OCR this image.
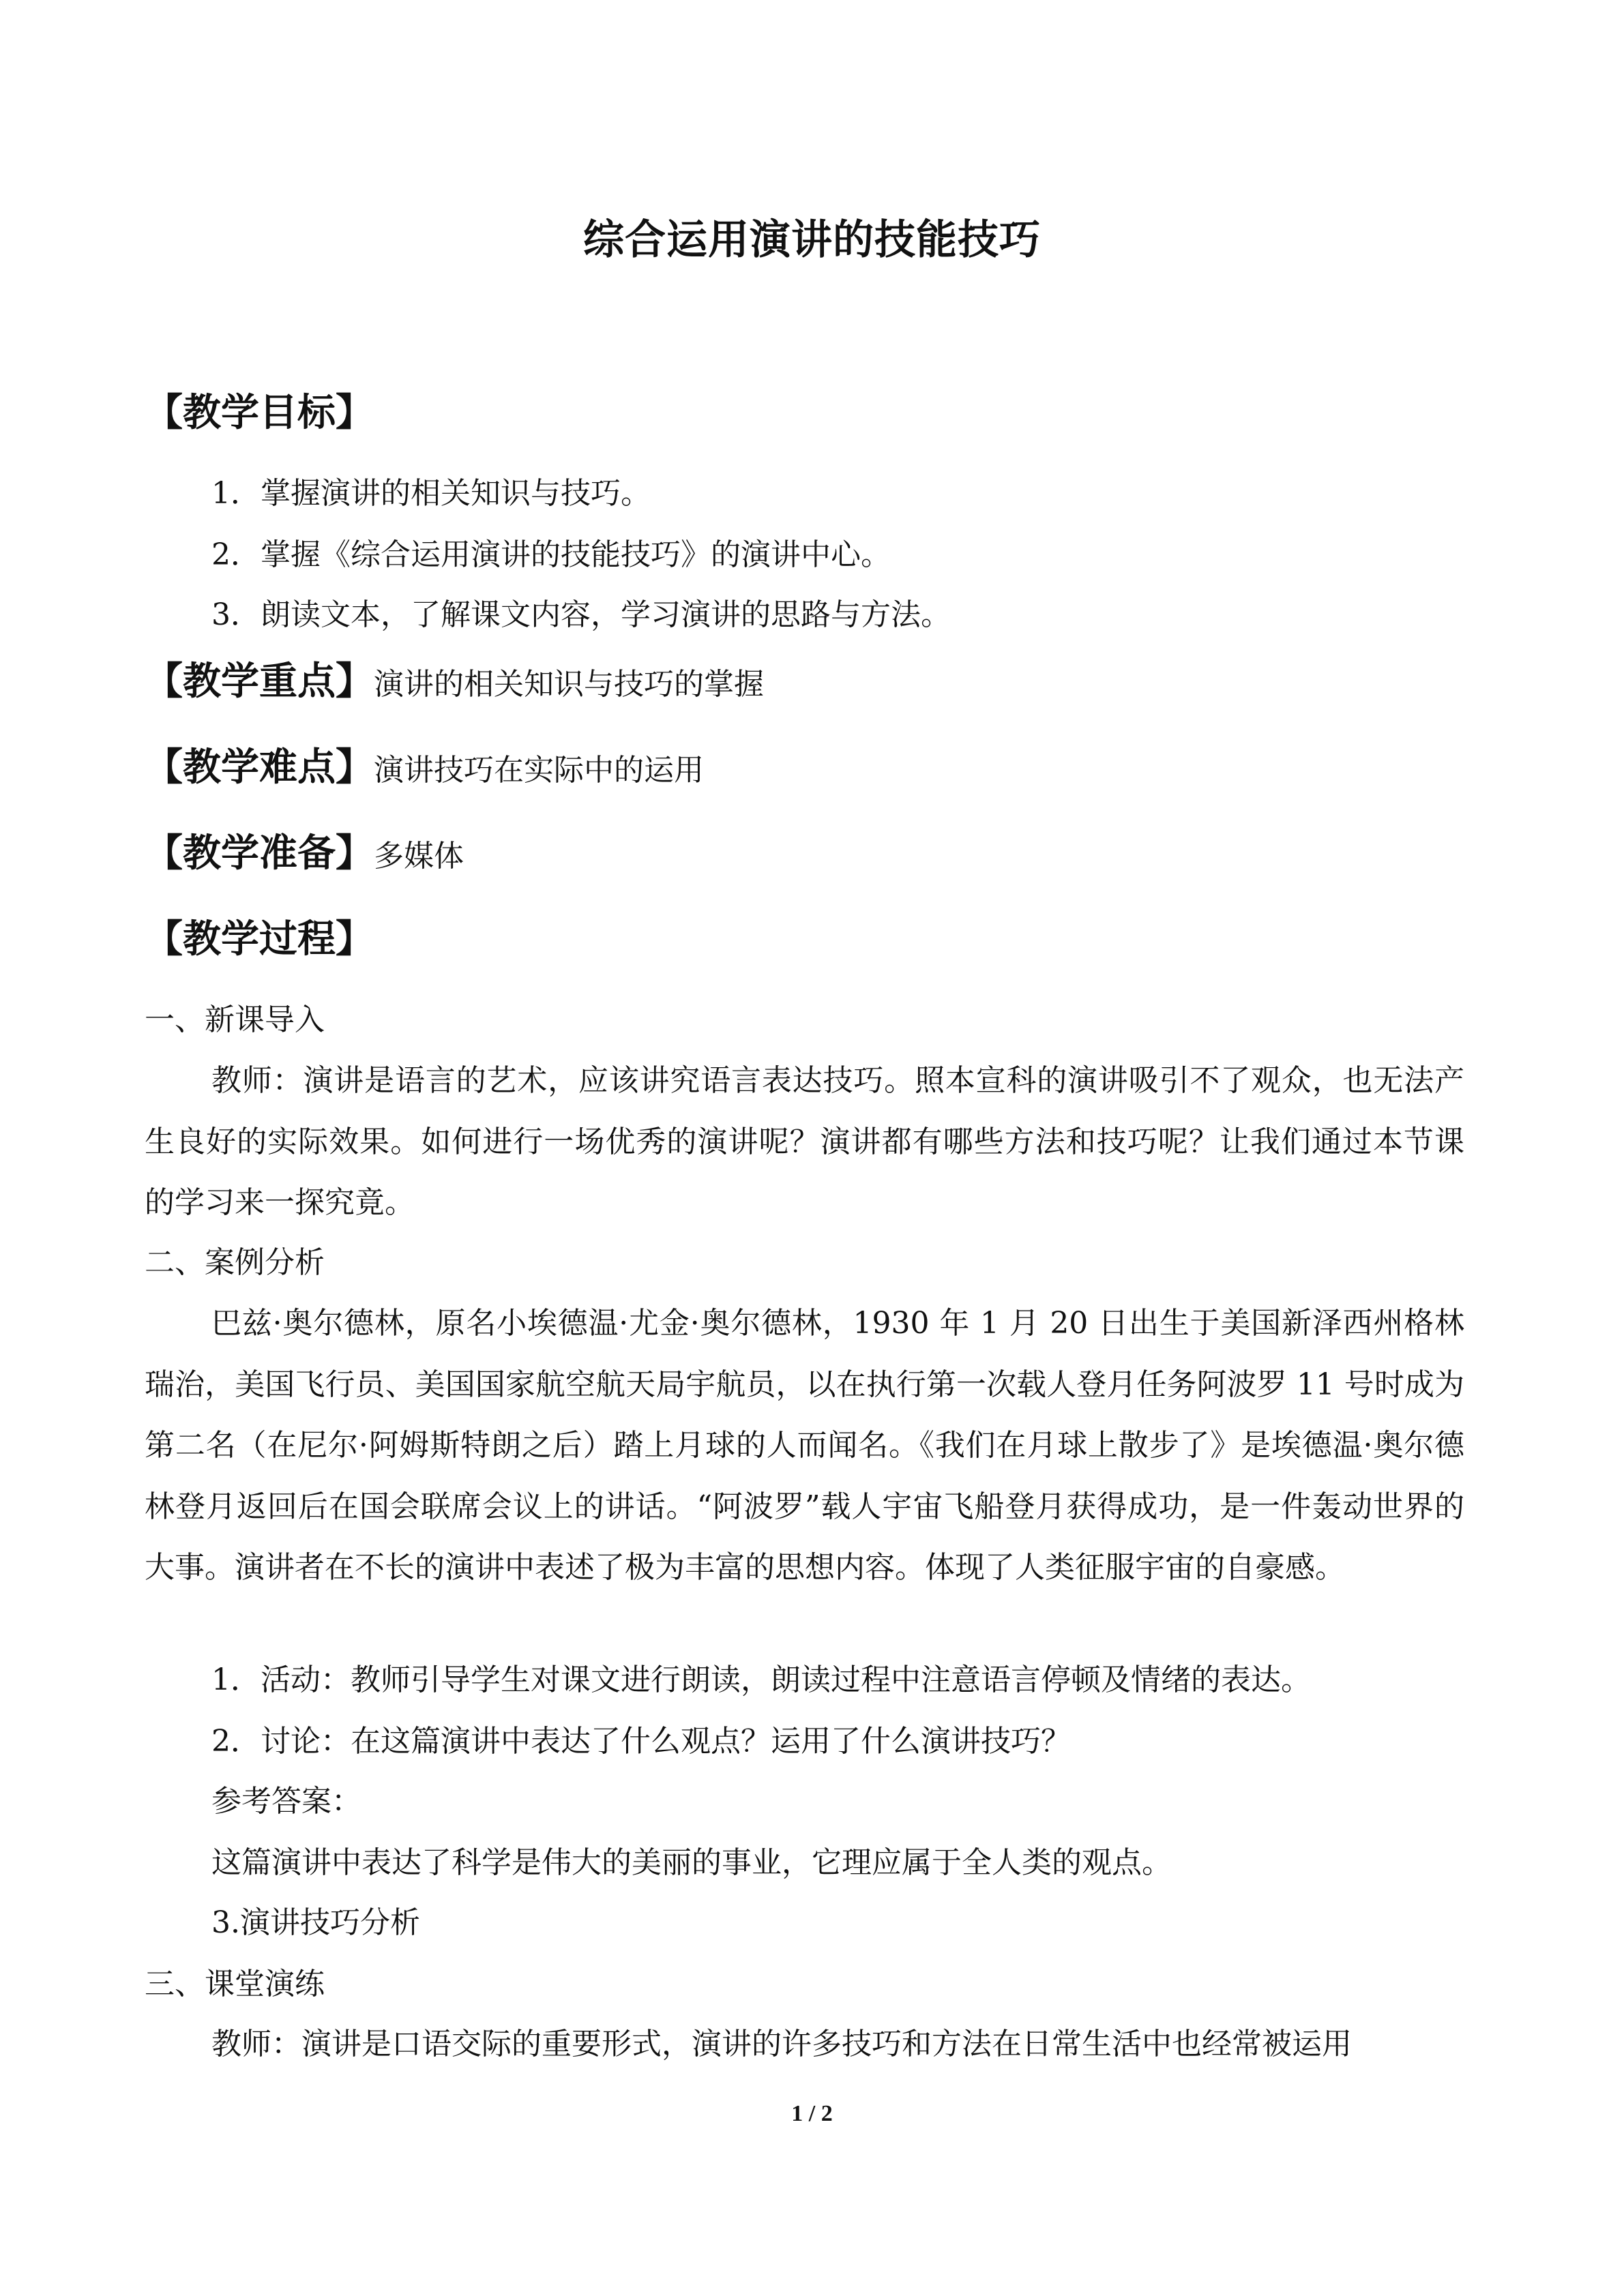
综合运用演讲的技能技巧
【教学目标】
1．掌握演讲的相关知识与技巧。
2．掌握《综合运用演讲的技能技巧》的演讲中心。
3．朗读文本，了解课文内容，学习演讲的思路与方法。
【教学重点】演讲的相关知识与技巧的掌握
【教学难点】演讲技巧在实际中的运用
【教学准备】多媒体
【教学过程】
一、新课导入
教师：演讲是语言的艺术，应该讲究语言表达技巧。照本宣科的演讲吸引不了观众，也无法产生良好的实际效果。如何进行一场优秀的演讲呢？演讲都有哪些方法和技巧呢？让我们通过本节课的学习来一探究竟。
二、案例分析
巴兹·奥尔德林，原名小埃德温·尤金·奥尔德林，1930 年 1 月 20 日出生于美国新泽西州格林瑞治，美国飞行员、美国国家航空航天局宇航员，以在执行第一次载人登月任务阿波罗 11 号时成为第二名（在尼尔·阿姆斯特朗之后）踏上月球的人而闻名。《我们在月球上散步了》是埃德温·奥尔德林登月返回后在国会联席会议上的讲话。“阿波罗”载人宇宙飞船登月获得成功，是一件轰动世界的大事。演讲者在不长的演讲中表述了极为丰富的思想内容。体现了人类征服宇宙的自豪感。
1．活动：教师引导学生对课文进行朗读，朗读过程中注意语言停顿及情绪的表达。
2．讨论：在这篇演讲中表达了什么观点？运用了什么演讲技巧？
参考答案：
这篇演讲中表达了科学是伟大的美丽的事业，它理应属于全人类的观点。
3.演讲技巧分析
三、课堂演练
教师：演讲是口语交际的重要形式，演讲的许多技巧和方法在日常生活中也经常被运用
1 / 2
